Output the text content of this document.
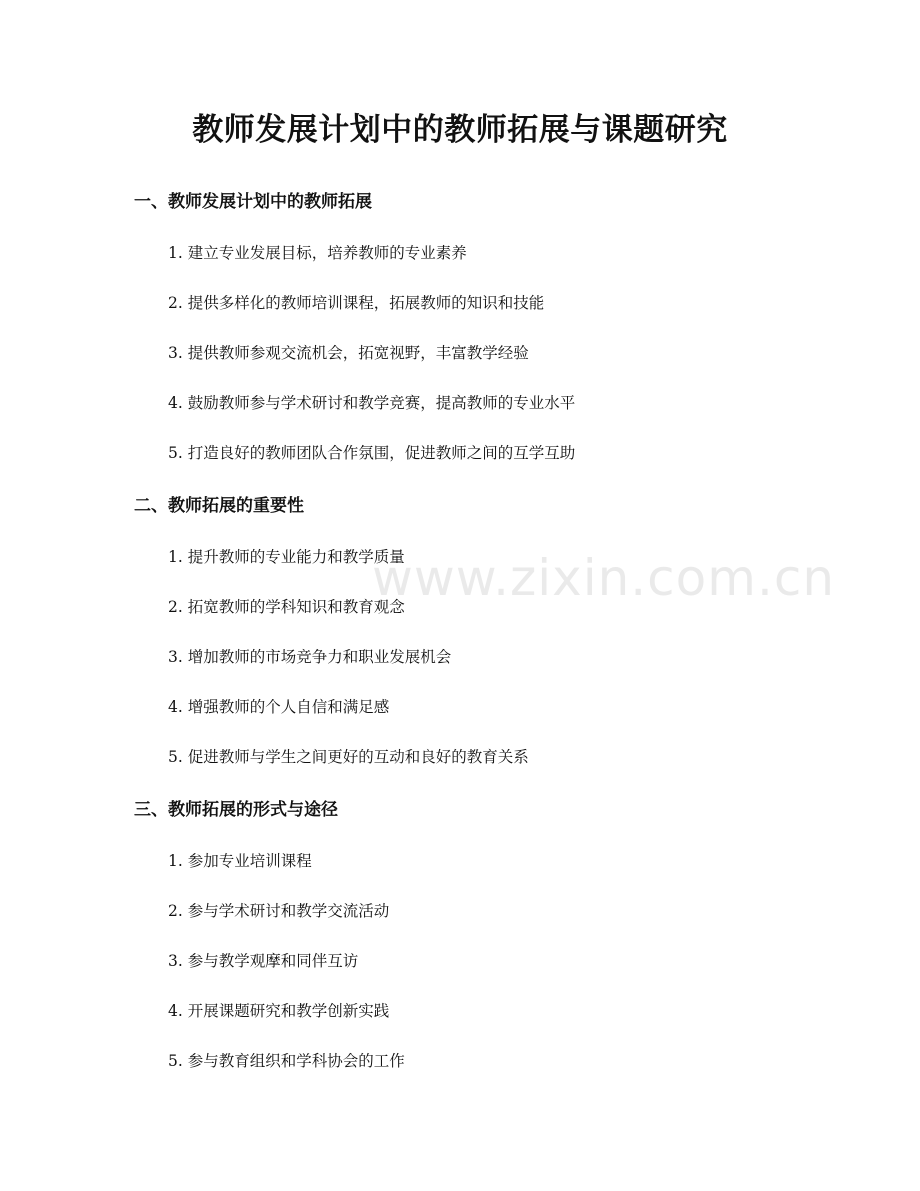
教师发展计划中的教师拓展与课题研究
一、教师发展计划中的教师拓展
1. 建立专业发展目标，培养教师的专业素养
2. 提供多样化的教师培训课程，拓展教师的知识和技能
3. 提供教师参观交流机会，拓宽视野，丰富教学经验
4. 鼓励教师参与学术研讨和教学竞赛，提高教师的专业水平
5. 打造良好的教师团队合作氛围，促进教师之间的互学互助
二、教师拓展的重要性
1. 提升教师的专业能力和教学质量
2. 拓宽教师的学科知识和教育观念
3. 增加教师的市场竞争力和职业发展机会
4. 增强教师的个人自信和满足感
5. 促进教师与学生之间更好的互动和良好的教育关系
三、教师拓展的形式与途径
1. 参加专业培训课程
2. 参与学术研讨和教学交流活动
3. 参与教学观摩和同伴互访
4. 开展课题研究和教学创新实践
5. 参与教育组织和学科协会的工作
www.zixin.com.cn
